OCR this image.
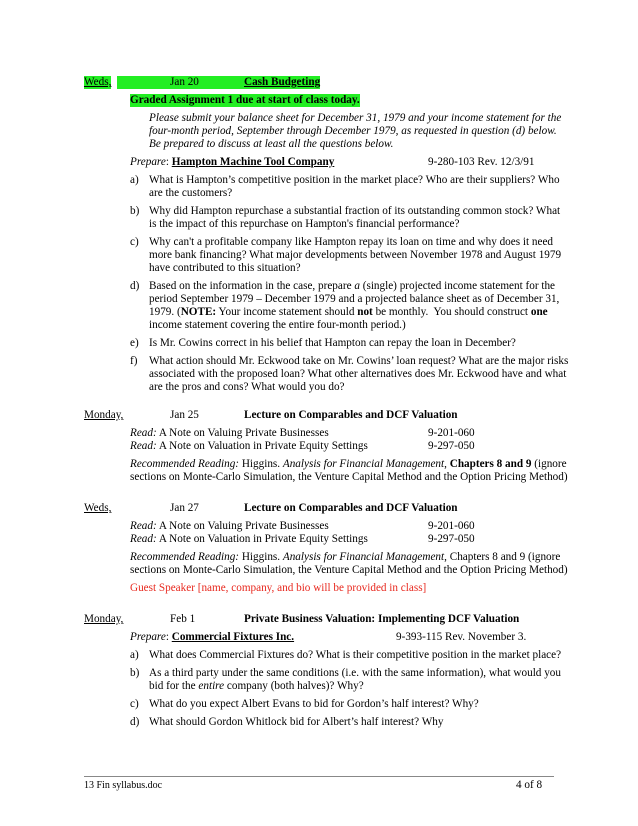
Weds,	Jan 20	Cash Budgeting
Graded Assignment 1 due at start of class today.
Please submit your balance sheet for December 31, 1979 and your income statement for the
four-month period, September through December 1979, as requested in question (d) below.
Be prepared to discuss at least all the questions below.
Prepare: Hampton Machine Tool Company	9-280-103 Rev. 12/3/91
a) What is Hampton’s competitive position in the market place? Who are their suppliers? Who
are the customers?
b) Why did Hampton repurchase a substantial fraction of its outstanding common stock? What
is the impact of this repurchase on Hampton's financial performance?
c) Why can't a profitable company like Hampton repay its loan on time and why does it need
more bank financing? What major developments between November 1978 and August 1979
have contributed to this situation?
d) Based on the information in the case, prepare a (single) projected income statement for the
period September 1979 – December 1979 and a projected balance sheet as of December 31,
1979. (NOTE: Your income statement should not be monthly.  You should construct one
income statement covering the entire four-month period.)
e) Is Mr. Cowins correct in his belief that Hampton can repay the loan in December?
f) What action should Mr. Eckwood take on Mr. Cowins’ loan request? What are the major risks
associated with the proposed loan? What other alternatives does Mr. Eckwood have and what
are the pros and cons? What would you do?
Monday,	Jan 25	Lecture on Comparables and DCF Valuation
Read: A Note on Valuing Private Businesses	9-201-060
Read: A Note on Valuation in Private Equity Settings	9-297-050
Recommended Reading: Higgins. Analysis for Financial Management, Chapters 8 and 9 (ignore
sections on Monte-Carlo Simulation, the Venture Capital Method and the Option Pricing Method)
Weds,	Jan 27	Lecture on Comparables and DCF Valuation
Read: A Note on Valuing Private Businesses	9-201-060
Read: A Note on Valuation in Private Equity Settings	9-297-050
Recommended Reading: Higgins. Analysis for Financial Management, Chapters 8 and 9 (ignore
sections on Monte-Carlo Simulation, the Venture Capital Method and the Option Pricing Method)
Guest Speaker [name, company, and bio will be provided in class]
Monday,	Feb 1	Private Business Valuation: Implementing DCF Valuation
Prepare: Commercial Fixtures Inc.	9-393-115 Rev. November 3.
a) What does Commercial Fixtures do? What is their competitive position in the market place?
b) As a third party under the same conditions (i.e. with the same information), what would you
bid for the entire company (both halves)? Why?
c) What do you expect Albert Evans to bid for Gordon’s half interest? Why?
d) What should Gordon Whitlock bid for Albert’s half interest? Why
13 Fin syllabus.doc	4 of 8
